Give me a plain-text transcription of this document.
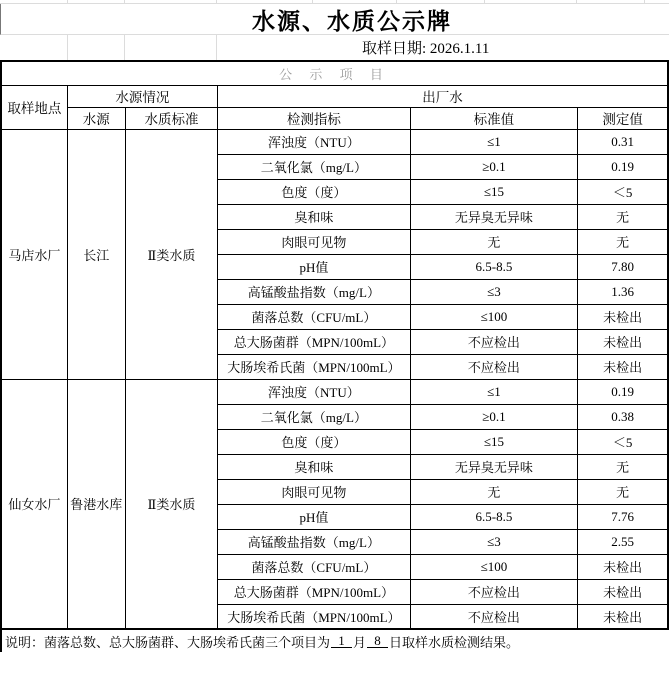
水源、水质公示牌
取样日期: 2026.1.11
公 示 项 目					
取样地点	水源情况		出厂水		
	水源	水质标准	检测指标	标准值	测定值
马店水厂	长江	Ⅱ类水质	浑浊度（NTU）	≤1	0.31
			二氧化氯（mg/L）	≥0.1	0.19
			色度（度）	≤15	＜5
			臭和味	无异臭无异味	无
			肉眼可见物	无	无
			pH值	6.5-8.5	7.80
			高锰酸盐指数（mg/L）	≤3	1.36
			菌落总数（CFU/mL）	≤100	未检出
			总大肠菌群（MPN/100mL）	不应检出	未检出
			大肠埃希氏菌（MPN/100mL）	不应检出	未检出
仙女水厂	鲁港水库	Ⅱ类水质	浑浊度（NTU）	≤1	0.19
			二氧化氯（mg/L）	≥0.1	0.38
			色度（度）	≤15	＜5
			臭和味	无异臭无异味	无
			肉眼可见物	无	无
			pH值	6.5-8.5	7.76
			高锰酸盐指数（mg/L）	≤3	2.55
			菌落总数（CFU/mL）	≤100	未检出
			总大肠菌群（MPN/100mL）	不应检出	未检出
			大肠埃希氏菌（MPN/100mL）	不应检出	未检出
说明：菌落总数、总大肠菌群、大肠埃希氏菌三个项目为 1 月 8 日 取样水质检测结果。
